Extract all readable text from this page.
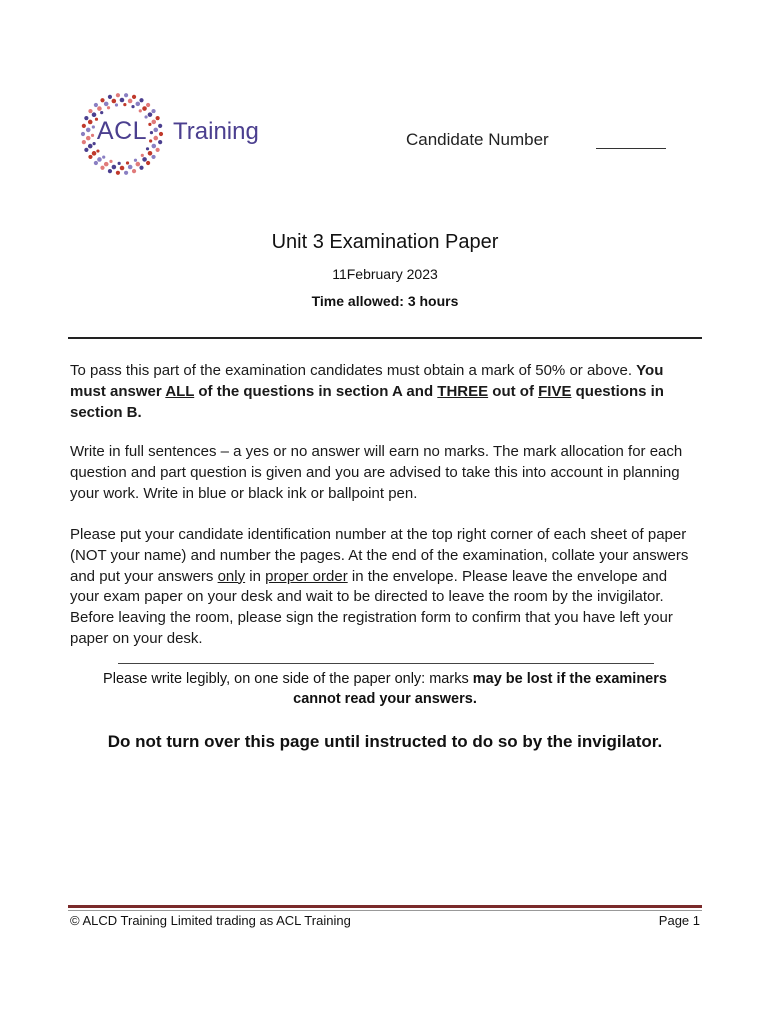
ACL	Training	Candidate Number
Unit 3 Examination Paper
11February 2023
Time allowed: 3 hours
To pass this part of the examination candidates must obtain a mark of 50% or above. You must answer ALL of the questions in section A and THREE out of FIVE questions in section B.
Write in full sentences – a yes or no answer will earn no marks. The mark allocation for each question and part question is given and you are advised to take this into account in planning your work. Write in blue or black ink or ballpoint pen.
Please put your candidate identification number at the top right corner of each sheet of paper (NOT your name) and number the pages. At the end of the examination, collate your answers and put your answers only in proper order in the envelope. Please leave the envelope and your exam paper on your desk and wait to be directed to leave the room by the invigilator. Before leaving the room, please sign the registration form to confirm that you have left your paper on your desk.
Please write legibly, on one side of the paper only: marks may be lost if the examiners cannot read your answers.
Do not turn over this page until instructed to do so by the invigilator.
© ALCD Training Limited trading as ACL Training	Page 1
